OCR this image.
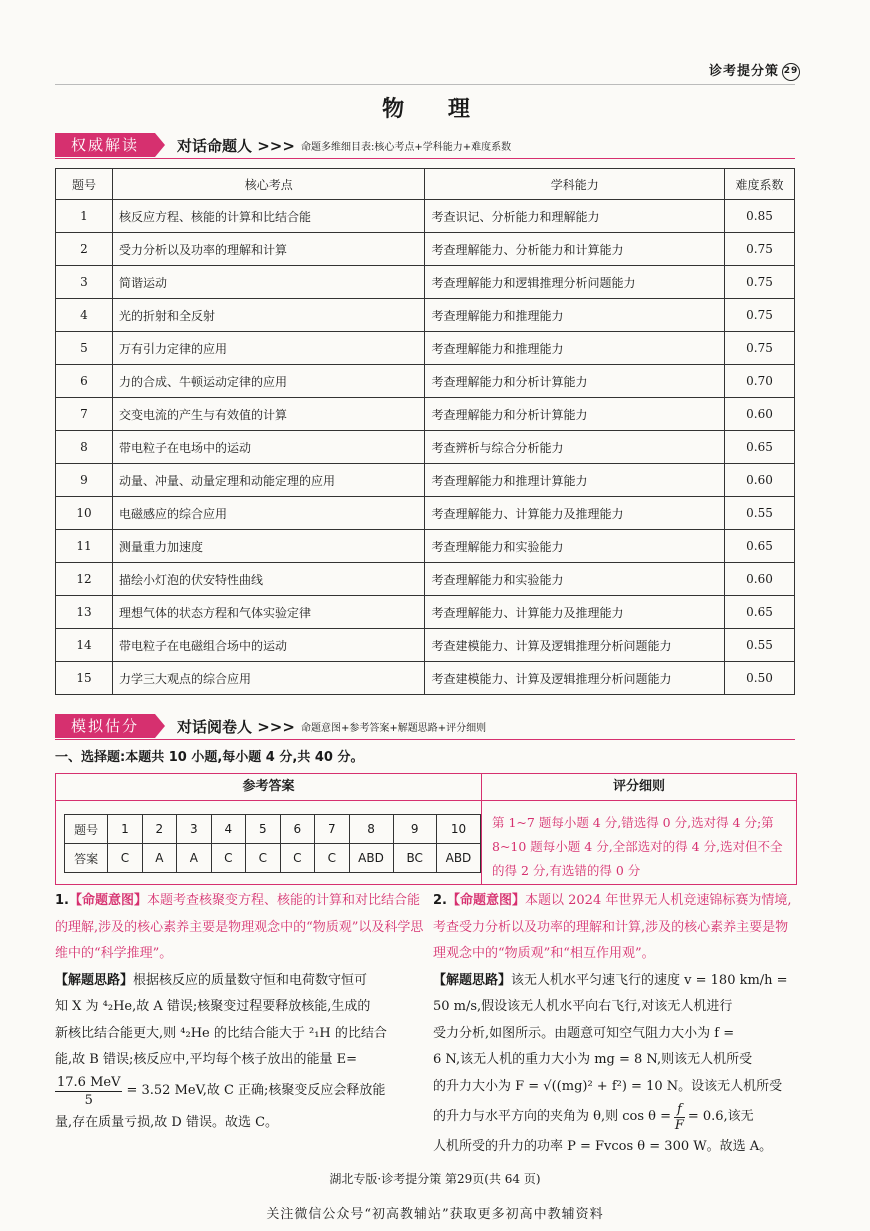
诊考提分策 29
物 理
权威解读	对话命题人 >>> 命题多维细目表:核心考点+学科能力+难度系数
题号	核心考点	学科能力	难度系数
1	核反应方程、核能的计算和比结合能	考查识记、分析能力和理解能力	0.85
2	受力分析以及功率的理解和计算	考查理解能力、分析能力和计算能力	0.75
3	简谐运动	考查理解能力和逻辑推理分析问题能力	0.75
4	光的折射和全反射	考查理解能力和推理能力	0.75
5	万有引力定律的应用	考查理解能力和推理能力	0.75
6	力的合成、牛顿运动定律的应用	考查理解能力和分析计算能力	0.70
7	交变电流的产生与有效值的计算	考查理解能力和分析计算能力	0.60
8	带电粒子在电场中的运动	考查辨析与综合分析能力	0.65
9	动量、冲量、动量定理和动能定理的应用	考查理解能力和推理计算能力	0.60
10	电磁感应的综合应用	考查理解能力、计算能力及推理能力	0.55
11	测量重力加速度	考查理解能力和实验能力	0.65
12	描绘小灯泡的伏安特性曲线	考查理解能力和实验能力	0.60
13	理想气体的状态方程和气体实验定律	考查理解能力、计算能力及推理能力	0.65
14	带电粒子在电磁组合场中的运动	考查建模能力、计算及逻辑推理分析问题能力	0.55
15	力学三大观点的综合应用	考查建模能力、计算及逻辑推理分析问题能力	0.50
模拟估分	对话阅卷人 >>> 命题意图+参考答案+解题思路+评分细则
一、选择题:本题共 10 小题,每小题 4 分,共 40 分。
参考答案
题号	1	2	3	4	5	6	7	8	9	10
答案	C	A	A	C	C	C	C	ABD	BC	ABD
评分细则
第 1~7 题每小题 4 分,错选得 0 分,选对得 4 分;第 8~10 题每小题 4 分,全部选对的得 4 分,选对但不全的得 2 分,有选错的得 0 分
1.【命题意图】本题考查核聚变方程、核能的计算和对比结合能的理解,涉及的核心素养主要是物理观念中的“物质观”以及科学思维中的“科学推理”。
【解题思路】根据核反应的质量数守恒和电荷数守恒可
知 X 为 ⁴₂He,故 A 错误;核聚变过程要释放核能,生成的
新核比结合能更大,则 ⁴₂He 的比结合能大于 ²₁H 的比结合
能,故 B 错误;核反应中,平均每个核子放出的能量 E=
17.6 MeV
5
= 3.52 MeV,故 C 正确;核聚变反应会释放能
量,存在质量亏损,故 D 错误。故选 C。
2.【命题意图】本题以 2024 年世界无人机竞速锦标赛为情境,考查受力分析以及功率的理解和计算,涉及的核心素养主要是物理观念中的“物质观”和“相互作用观”。
【解题思路】该无人机水平匀速飞行的速度 v = 180 km/h =
50 m/s,假设该无人机水平向右飞行,对该无人机进行
受力分析,如图所示。由题意可知空气阻力大小为 f =
6 N,该无人机的重力大小为 mg = 8 N,则该无人机所受
的升力大小为 F = √((mg)² + f²) = 10 N。设该无人机所受
的升力与水平方向的夹角为 θ,则 $\cos \theta = \frac{f}{F} = 0.6$,该无
人机所受的升力的功率 P = Fvcos θ = 300 W。故选 A。
湖北专版·诊考提分策 第29页(共 64 页)
关注微信公众号“初高教辅站”获取更多初高中教辅资料
